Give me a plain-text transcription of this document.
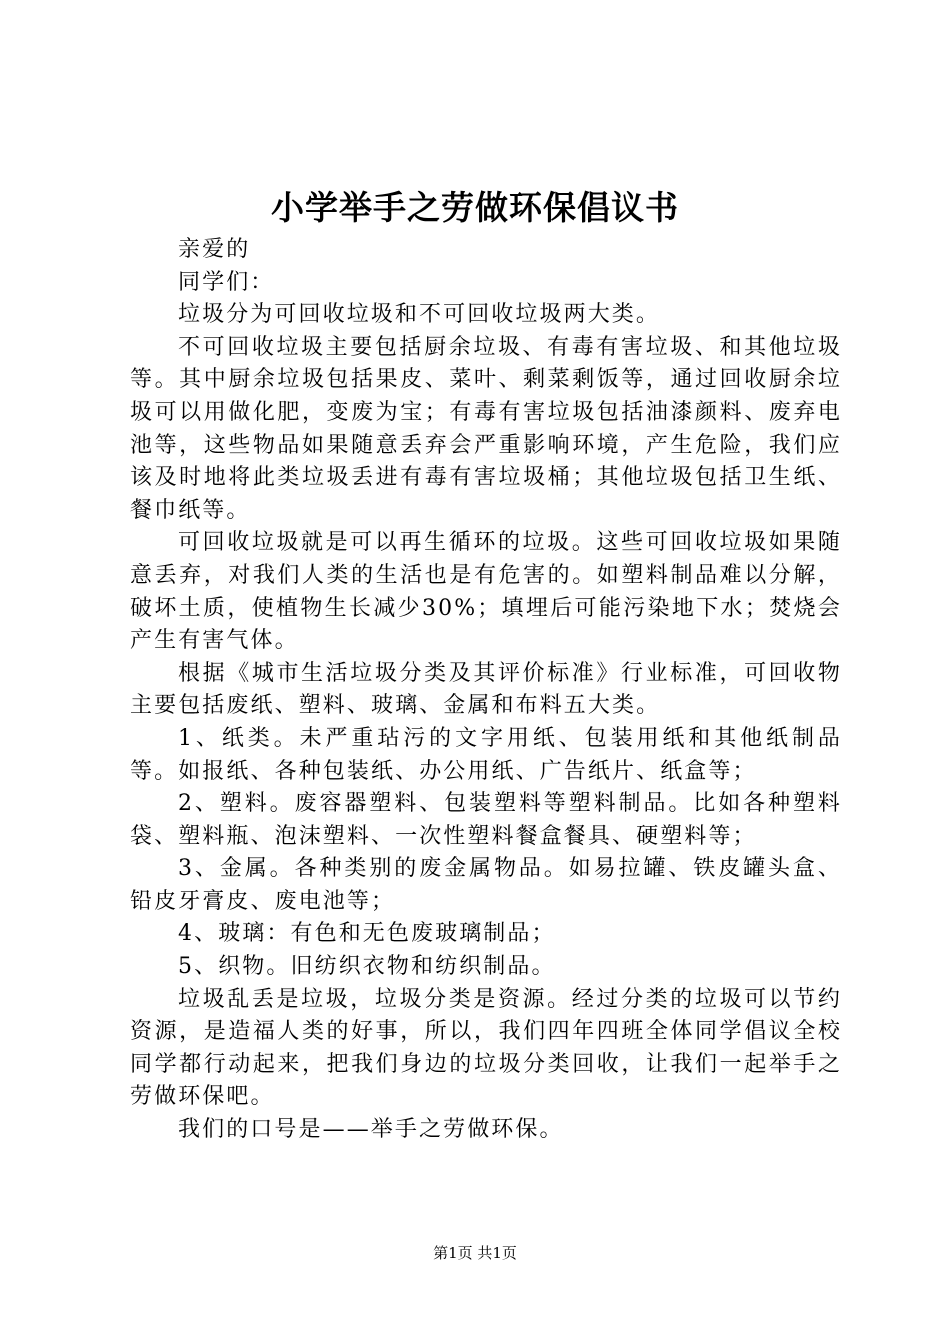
小学举手之劳做环保倡议书

亲爱的

同学们：

垃圾分为可回收垃圾和不可回收垃圾两大类。

不可回收垃圾主要包括厨余垃圾、有毒有害垃圾、和其他垃圾等。其中厨余垃圾包括果皮、菜叶、剩菜剩饭等，通过回收厨余垃圾可以用做化肥，变废为宝；有毒有害垃圾包括油漆颜料、废弃电池等，这些物品如果随意丢弃会严重影响环境，产生危险，我们应该及时地将此类垃圾丢进有毒有害垃圾桶；其他垃圾包括卫生纸、餐巾纸等。

可回收垃圾就是可以再生循环的垃圾。这些可回收垃圾如果随意丢弃，对我们人类的生活也是有危害的。如塑料制品难以分解，破坏土质，使植物生长减少30%；填埋后可能污染地下水；焚烧会产生有害气体。

根据《城市生活垃圾分类及其评价标准》行业标准，可回收物主要包括废纸、塑料、玻璃、金属和布料五大类。

1、纸类。未严重玷污的文字用纸、包装用纸和其他纸制品等。如报纸、各种包装纸、办公用纸、广告纸片、纸盒等；

2、塑料。废容器塑料、包装塑料等塑料制品。比如各种塑料袋、塑料瓶、泡沫塑料、一次性塑料餐盒餐具、硬塑料等；

3、金属。各种类别的废金属物品。如易拉罐、铁皮罐头盒、铅皮牙膏皮、废电池等；

4、玻璃：有色和无色废玻璃制品；

5、织物。旧纺织衣物和纺织制品。

垃圾乱丢是垃圾，垃圾分类是资源。经过分类的垃圾可以节约资源，是造福人类的好事，所以，我们四年四班全体同学倡议全校同学都行动起来，把我们身边的垃圾分类回收，让我们一起举手之劳做环保吧。

我们的口号是——举手之劳做环保。

第1页 共1页
